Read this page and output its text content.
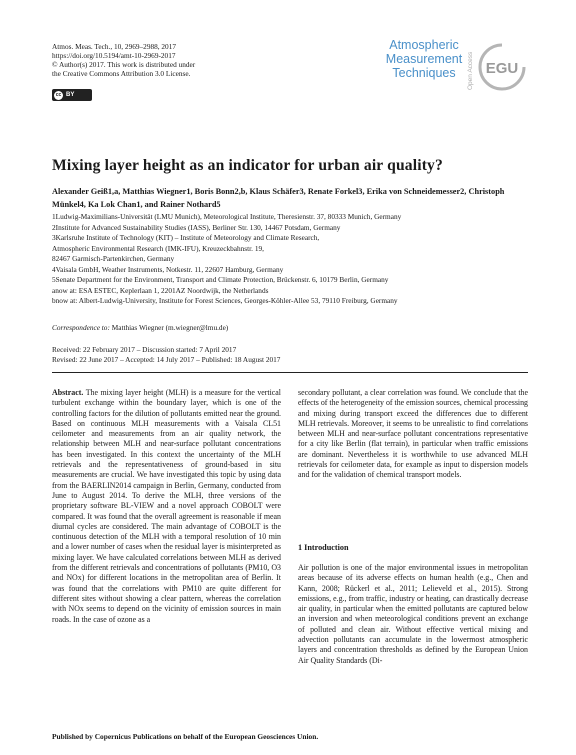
Atmos. Meas. Tech., 10, 2969–2988, 2017
https://doi.org/10.5194/amt-10-2969-2017
© Author(s) 2017. This work is distributed under
the Creative Commons Attribution 3.0 License.
cc BY
Atmospheric
Measurement
Techniques	Open Access EGU
Mixing layer height as an indicator for urban air quality?
Alexander Geiß1,a, Matthias Wiegner1, Boris Bonn2,b, Klaus Schäfer3, Renate Forkel3, Erika von Schneidemesser2, Christoph Münkel4, Ka Lok Chan1, and Rainer Nothard5
1Ludwig-Maximilians-Universität (LMU Munich), Meteorological Institute, Theresienstr. 37, 80333 Munich, Germany
2Institute for Advanced Sustainability Studies (IASS), Berliner Str. 130, 14467 Potsdam, Germany
3Karlsruhe Institute of Technology (KIT) – Institute of Meteorology and Climate Research,
Atmospheric Environmental Research (IMK-IFU), Kreuzeckbahnstr. 19,
82467 Garmisch-Partenkirchen, Germany
4Vaisala GmbH, Weather Instruments, Notkestr. 11, 22607 Hamburg, Germany
5Senate Department for the Environment, Transport and Climate Protection, Brückenstr. 6, 10179 Berlin, Germany
anow at: ESA ESTEC, Keplerlaan 1, 2201AZ Noordwijk, the Netherlands
bnow at: Albert-Ludwig-University, Institute for Forest Sciences, Georges-Köhler-Allee 53, 79110 Freiburg, Germany
Correspondence to: Matthias Wiegner (m.wiegner@lmu.de)
Received: 22 February 2017 – Discussion started: 7 April 2017
Revised: 22 June 2017 – Accepted: 14 July 2017 – Published: 18 August 2017
Abstract. The mixing layer height (MLH) is a measure for the vertical turbulent exchange within the boundary layer, which is one of the controlling factors for the dilution of pollutants emitted near the ground. Based on continuous MLH measurements with a Vaisala CL51 ceilometer and measurements from an air quality network, the relationship between MLH and near-surface pollutant concentrations has been investigated. In this context the uncertainty of the MLH retrievals and the representativeness of ground-based in situ measurements are crucial. We have investigated this topic by using data from the BAERLIN2014 campaign in Berlin, Germany, conducted from June to August 2014. To derive the MLH, three versions of the proprietary software BL-VIEW and a novel approach COBOLT were compared. It was found that the overall agreement is reasonable if mean diurnal cycles are considered. The main advantage of COBOLT is the continuous detection of the MLH with a temporal resolution of 10 min and a lower number of cases when the residual layer is misinterpreted as mixing layer. We have calculated correlations between MLH as derived from the different retrievals and concentrations of pollutants (PM10, O3 and NOx) for different locations in the metropolitan area of Berlin. It was found that the correlations with PM10 are quite different for different sites without showing a clear pattern, whereas the correlation with NOx seems to depend on the vicinity of emission sources in main roads. In the case of ozone as a
secondary pollutant, a clear correlation was found. We conclude that the effects of the heterogeneity of the emission sources, chemical processing and mixing during transport exceed the differences due to different MLH retrievals. Moreover, it seems to be unrealistic to find correlations between MLH and near-surface pollutant concentrations representative for a city like Berlin (flat terrain), in particular when traffic emissions are dominant. Nevertheless it is worthwhile to use advanced MLH retrievals for ceilometer data, for example as input to dispersion models and for the validation of chemical transport models.
1 Introduction
Air pollution is one of the major environmental issues in metropolitan areas because of its adverse effects on human health (e.g., Chen and Kann, 2008; Rückerl et al., 2011; Lelieveld et al., 2015). Strong emissions, e.g., from traffic, industry or heating, can drastically decrease air quality, in particular when the emitted pollutants are captured below an inversion and when meteorological conditions prevent an exchange of polluted and clean air. Without effective vertical mixing and advection pollutants can accumulate in the lowermost atmospheric layers and concentration thresholds as defined by the European Union Air Quality Standards (Di-
Published by Copernicus Publications on behalf of the European Geosciences Union.
